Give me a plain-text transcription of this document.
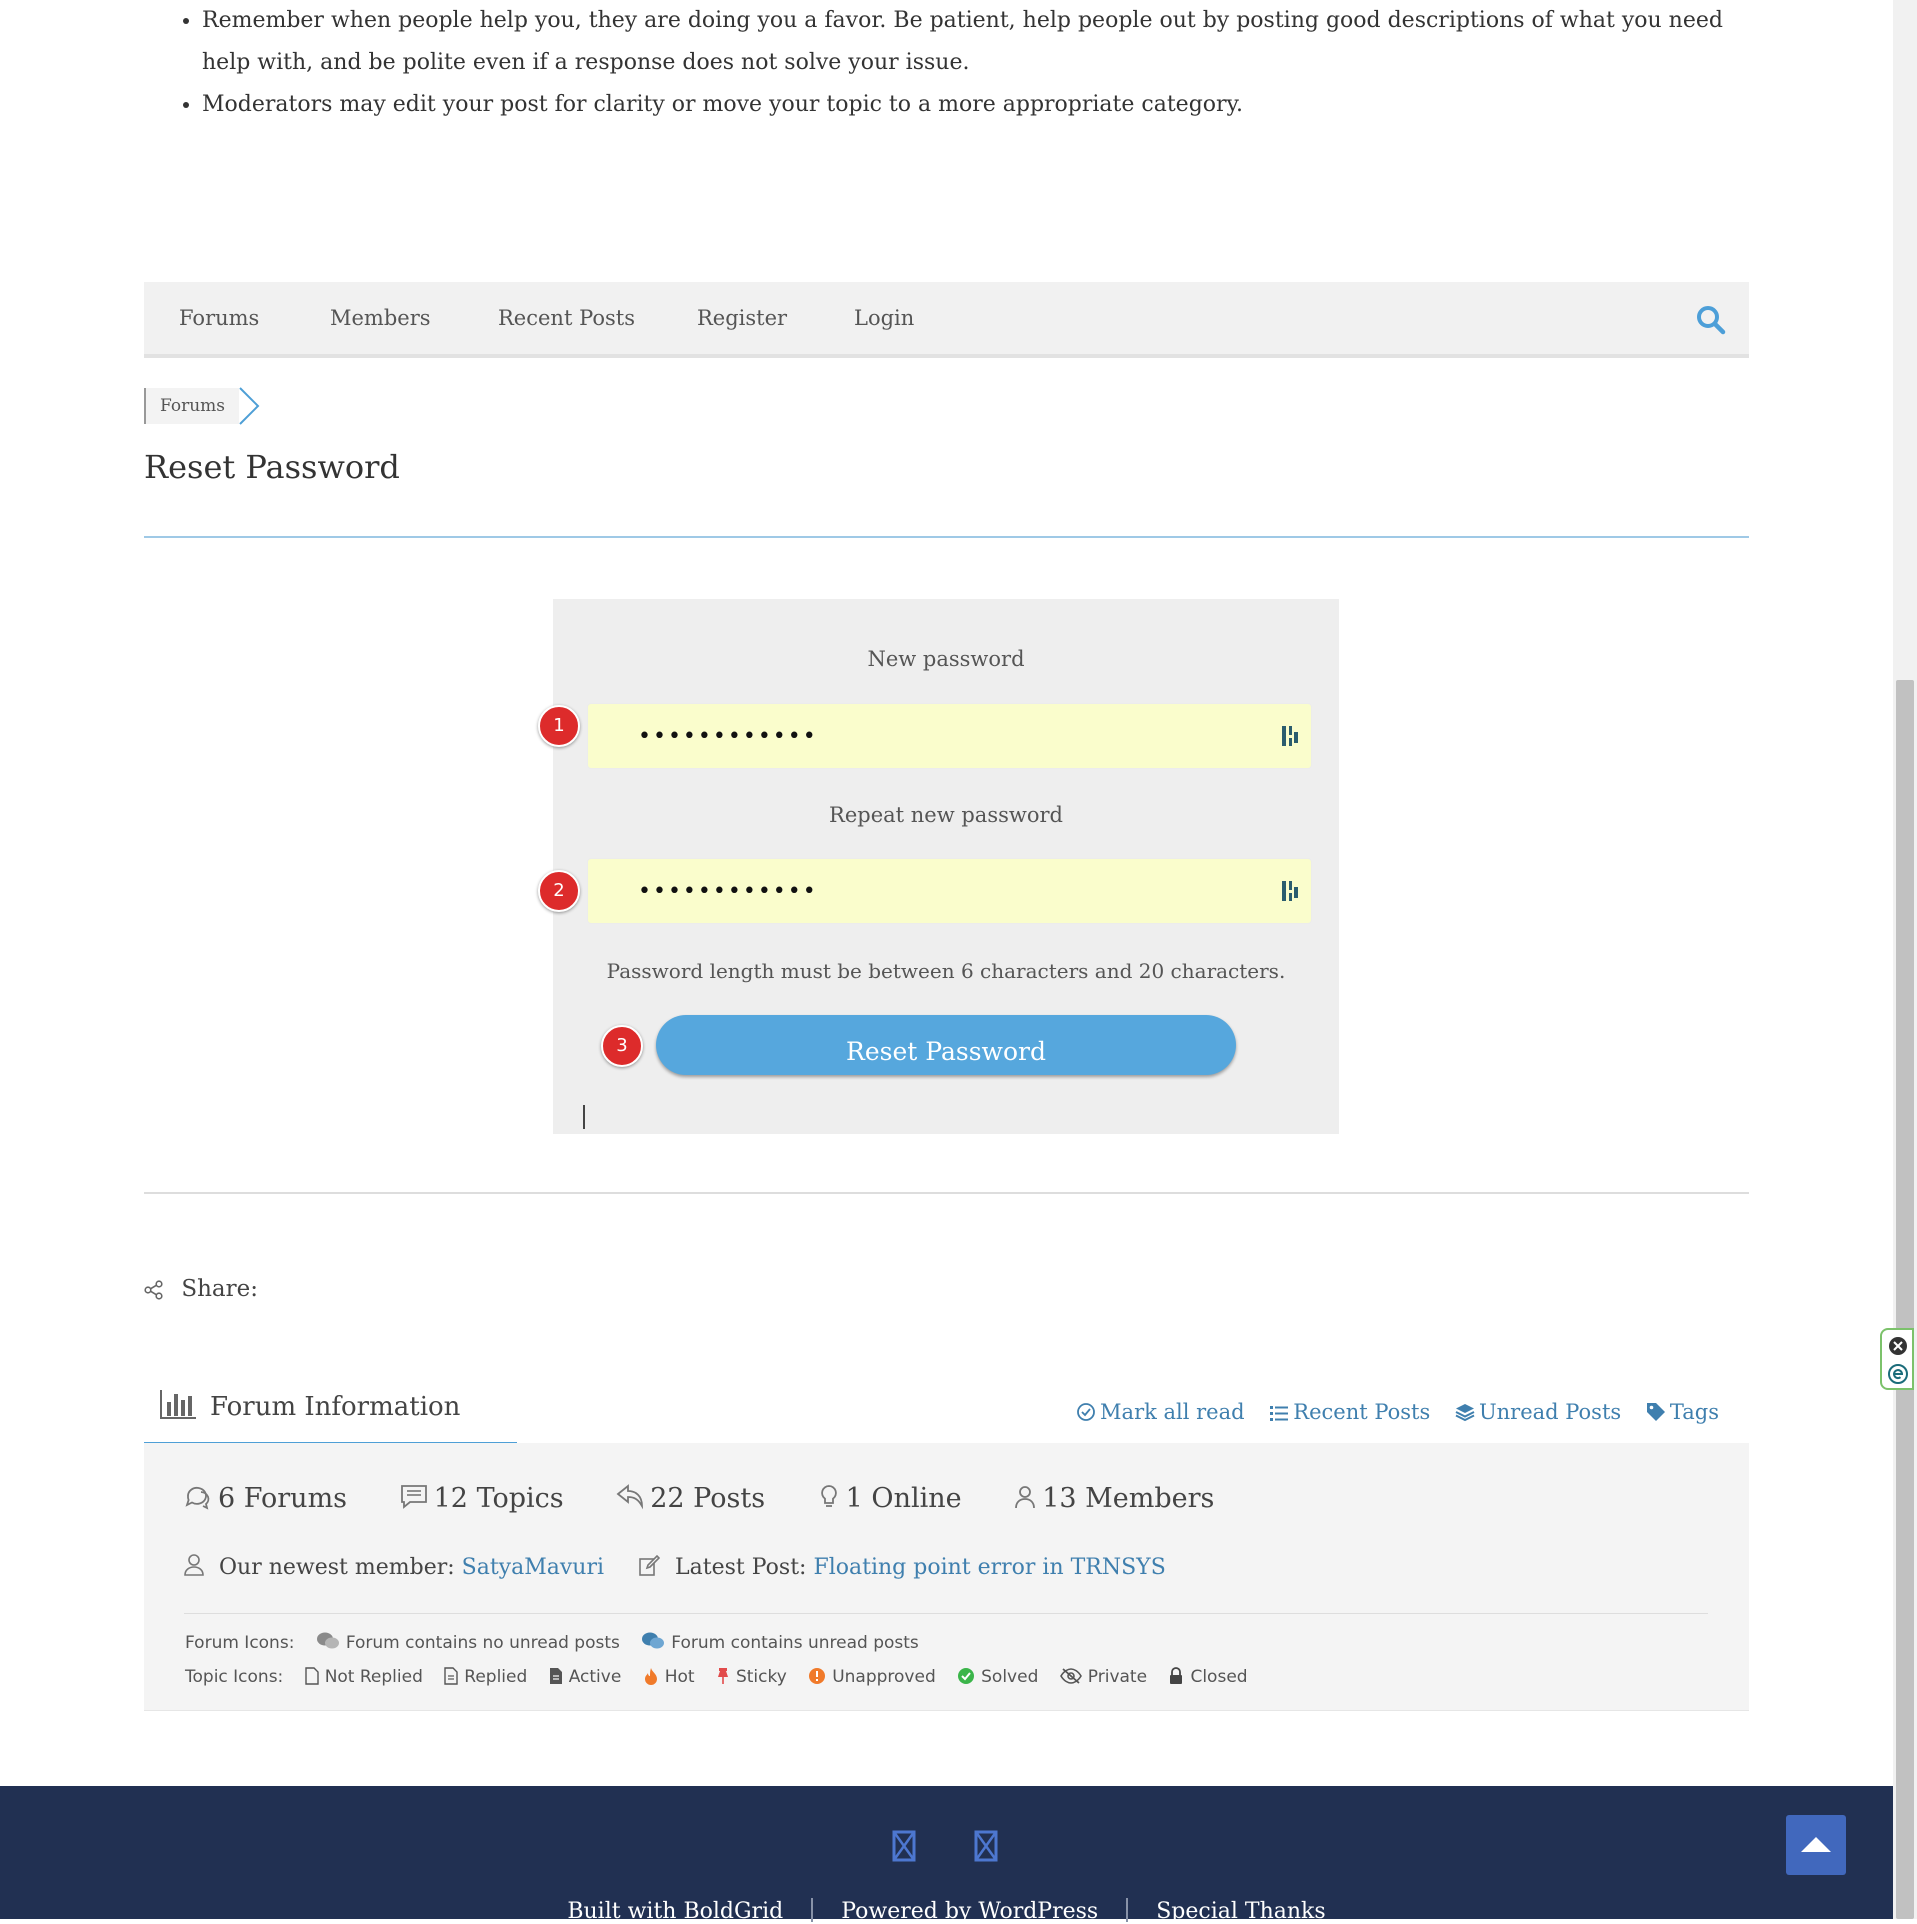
• Remember when people help you, they are doing you a favor. Be patient, help people out by posting good descriptions of what you need help with, and be polite even if a response does not solve your issue.
• Moderators may edit your post for clarity or move your topic to a more appropriate category.
Forums	Members	Recent Posts	Register	Login
Forums
Reset Password
New password
••••••••••••
Repeat new password
••••••••••••
Password length must be between 6 characters and 20 characters.
Reset Password
1
2
3
Share:
Forum Information	Mark all read Recent Posts Unread Posts Tags
6 Forums	12 Topics	22 Posts	1 Online	13 Members
Our newest member: SatyaMavuri	Latest Post: Floating point error in TRNSYS
Forum Icons:	Forum contains no unread posts	Forum contains unread posts
Topic Icons: Not Replied Replied Active	Hot Sticky	Unapproved	Solved	Private	Closed
Built with BoldGrid	Powered by WordPress	Special Thanks
